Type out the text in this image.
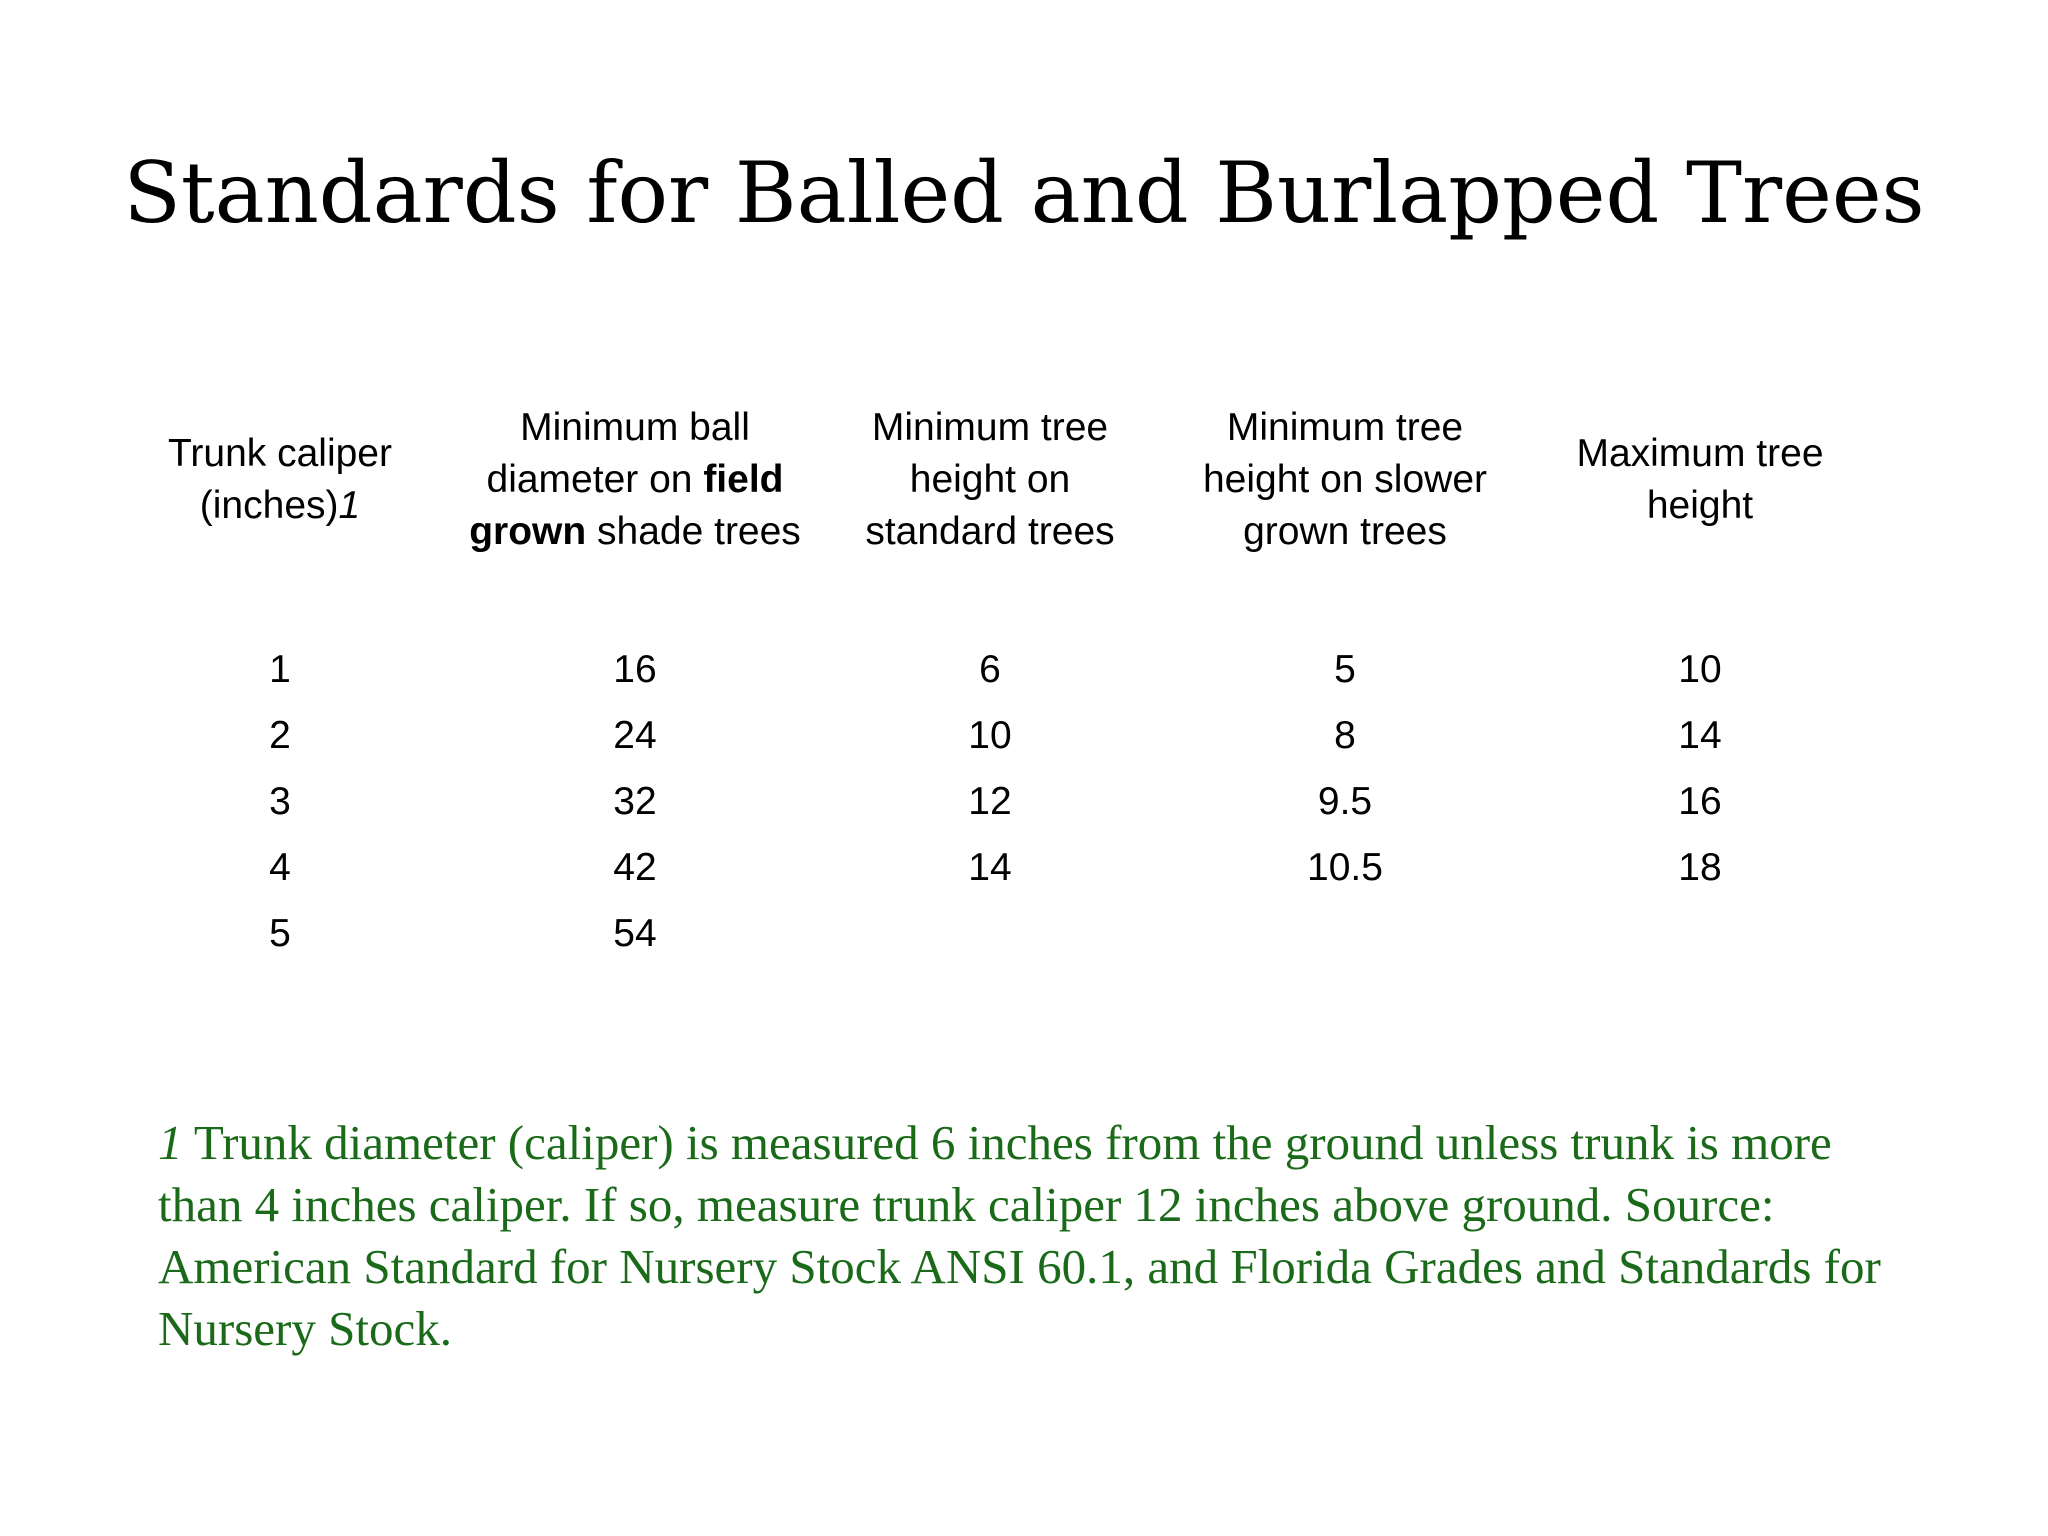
Standards for Balled and Burlapped Trees
Trunk caliper (inches)1
1
2
3
4
5
Minimum ball diameter on field grown shade trees
16
24
32
42
54
Minimum tree height on standard trees
6
10
12
14
Minimum tree height on slower grown trees
5
8
9.5
10.5
Maximum tree height
10
14
16
18

1 Trunk diameter (caliper) is measured 6 inches from the ground unless trunk is more than 4 inches caliper. If so, measure trunk caliper 12 inches above ground. Source: American Standard for Nursery Stock ANSI 60.1, and Florida Grades and Standards for Nursery Stock.
